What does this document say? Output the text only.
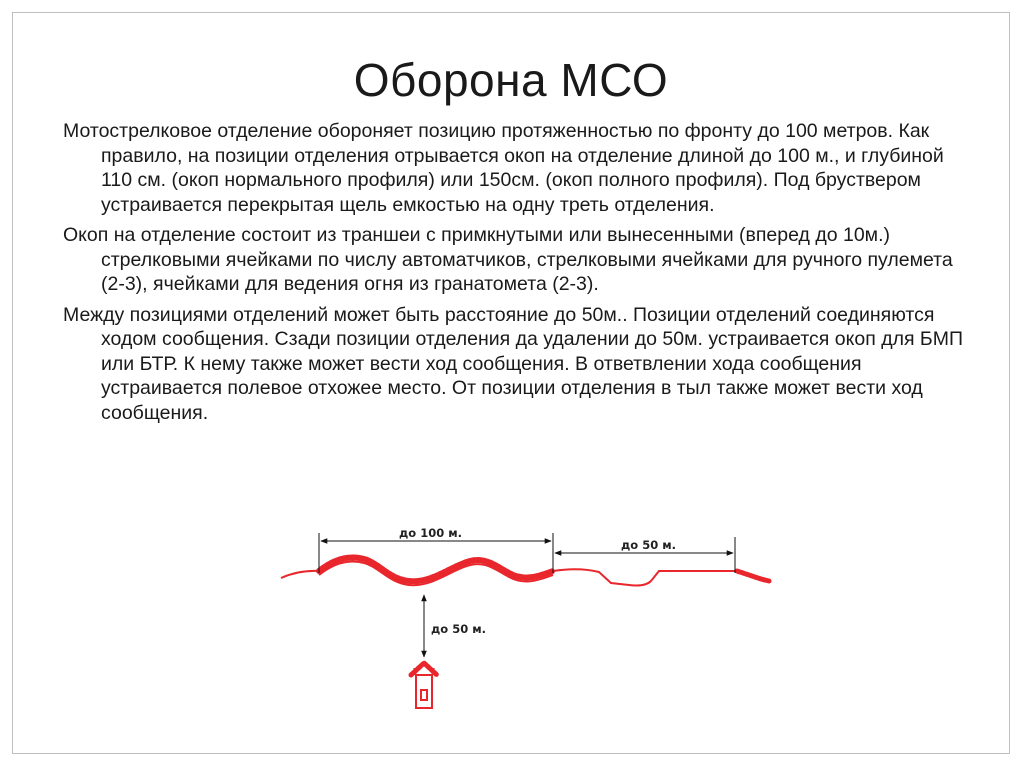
Оборона МСО

Мотострелковое отделение обороняет позицию протяженностью по фронту до 100 метров. Как правило, на позиции отделения отрывается окоп на отделение длиной до 100 м., и глубиной 110 см. (окоп нормального профиля) или 150см. (окоп полного профиля). Под бруствером устраивается перекрытая щель емкостью на одну треть отделения.

Окоп на отделение состоит из траншеи с примкнутыми или вынесенными (вперед до 10м.) стрелковыми ячейками по числу автоматчиков, стрелковыми ячейками для ручного пулемета (2-3), ячейками для ведения огня из гранатомета (2-3).

Между позициями отделений может быть расстояние до 50м.. Позиции отделений соединяются ходом сообщения. Сзади позиции отделения да удалении до 50м. устраивается окоп для БМП или БТР. К нему также может вести ход сообщения. В ответвлении хода сообщения устраивается полевое отхожее место. От позиции отделения в тыл также может вести ход сообщения.

до 100 м.
до 50 м.
до 50 м.
